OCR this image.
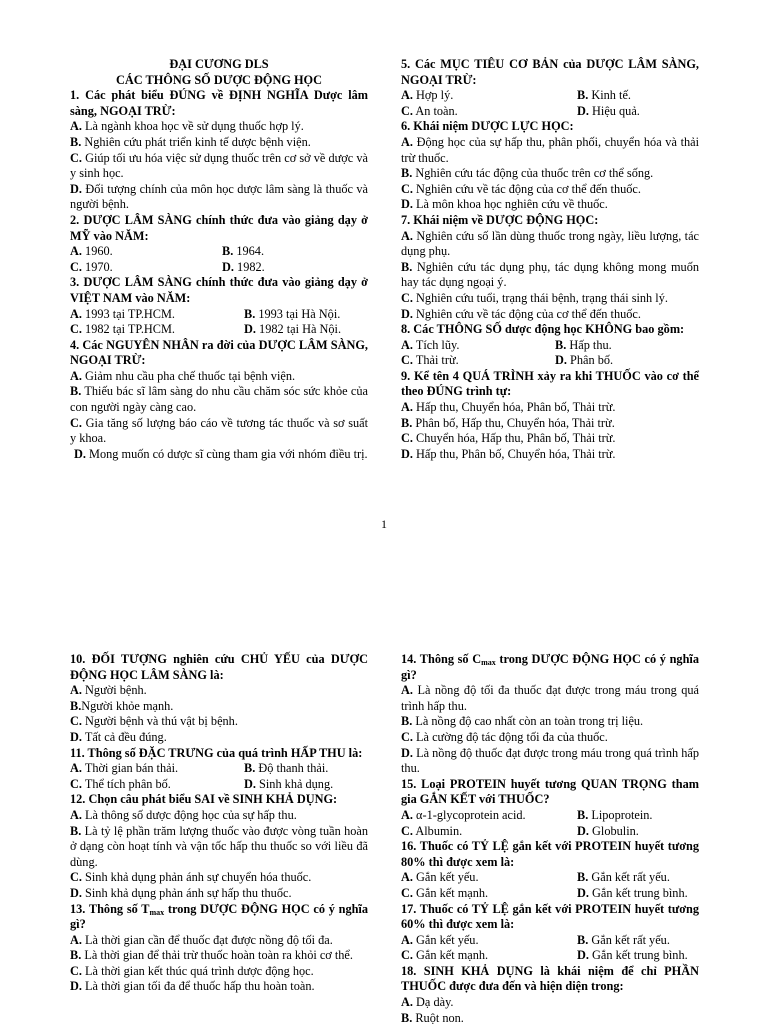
ĐẠI CƯƠNG DLS
CÁC THÔNG SỐ DƯỢC ĐỘNG HỌC
1. Các phát biểu ĐÚNG về ĐỊNH NGHĨA Dược lâm sàng, NGOẠI TRỪ:
A. Là ngành khoa học về sử dụng thuốc hợp lý.
B. Nghiên cứu phát triển kinh tế dược bệnh viện.
C. Giúp tối ưu hóa việc sử dụng thuốc trên cơ sở về dược và y sinh học.
D. Đối tượng chính của môn học dược lâm sàng là thuốc và người bệnh.
2. DƯỢC LÂM SÀNG chính thức đưa vào giảng dạy ở MỸ vào NĂM:
A. 1960.	B. 1964.
C. 1970.	D. 1982.
3. DƯỢC LÂM SÀNG chính thức đưa vào giảng dạy ở VIỆT NAM vào NĂM:
A. 1993 tại TP.HCM.	B. 1993 tại Hà Nội.
C. 1982 tại TP.HCM.	D. 1982 tại Hà Nội.
4. Các NGUYÊN NHÂN ra đời của DƯỢC LÂM SÀNG, NGOẠI TRỪ:
A. Giảm nhu cầu pha chế thuốc tại bệnh viện.
B. Thiếu bác sĩ lâm sàng do nhu cầu chăm sóc sức khỏe của con người ngày càng cao.
C. Gia tăng số lượng báo cáo về tương tác thuốc và sơ suất y khoa.
D. Mong muốn có dược sĩ cùng tham gia với nhóm điều trị.
5. Các MỤC TIÊU CƠ BẢN của DƯỢC LÂM SÀNG, NGOẠI TRỪ:
A. Hợp lý.	B. Kinh tế.
C. An toàn.	D. Hiệu quả.
6. Khái niệm DƯỢC LỰC HỌC:
A. Động học của sự hấp thu, phân phối, chuyển hóa và thải trừ thuốc.
B. Nghiên cứu tác động của thuốc trên cơ thể sống.
C. Nghiên cứu về tác động của cơ thể đến thuốc.
D. Là môn khoa học nghiên cứu về thuốc.
7. Khái niệm về DƯỢC ĐỘNG HỌC:
A. Nghiên cứu số lần dùng thuốc trong ngày, liều lượng, tác dụng phụ.
B. Nghiên cứu tác dụng phụ, tác dụng không mong muốn hay tác dụng ngoại ý.
C. Nghiên cứu tuổi, trạng thái bệnh, trạng thái sinh lý.
D. Nghiên cứu về tác động của cơ thể đến thuốc.
8. Các THÔNG SỐ dược động học KHÔNG bao gồm:
A. Tích lũy.	B. Hấp thu.
C. Thải trừ.	D. Phân bố.
9. Kể tên 4 QUÁ TRÌNH xảy ra khi THUỐC vào cơ thể theo ĐÚNG trình tự:
A. Hấp thu, Chuyển hóa, Phân bố, Thải trừ.
B. Phân bố, Hấp thu, Chuyển hóa, Thải trừ.
C. Chuyển hóa, Hấp thu, Phân bố, Thải trừ.
D. Hấp thu, Phân bố, Chuyển hóa, Thải trừ.
1
10. ĐỐI TƯỢNG nghiên cứu CHỦ YẾU của DƯỢC ĐỘNG HỌC LÂM SÀNG là:
A. Người bệnh.
B.Người khỏe mạnh.
C. Người bệnh và thú vật bị bệnh.
D. Tất cả đều đúng.
11. Thông số ĐẶC TRƯNG của quá trình HẤP THU là:
A. Thời gian bán thải.	B. Độ thanh thải.
C. Thể tích phân bố.	D. Sinh khả dụng.
12. Chọn câu phát biểu SAI về SINH KHẢ DỤNG:
A. Là thông số dược động học của sự hấp thu.
B. Là tỷ lệ phần trăm lượng thuốc vào được vòng tuần hoàn ở dạng còn hoạt tính và vận tốc hấp thu thuốc so với liều đã dùng.
C. Sinh khả dụng phản ánh sự chuyển hóa thuốc.
D. Sinh khả dụng phản ánh sự hấp thu thuốc.
13. Thông số $T_{max}$ trong DƯỢC ĐỘNG HỌC có ý nghĩa gì?
A. Là thời gian cần để thuốc đạt được nồng độ tối đa.
B. Là thời gian để thải trừ thuốc hoàn toàn ra khỏi cơ thể.
C. Là thời gian kết thúc quá trình dược động học.
D. Là thời gian tối đa để thuốc hấp thu hoàn toàn.
14. Thông số $C_{max}$ trong DƯỢC ĐỘNG HỌC có ý nghĩa gì?
A. Là nồng độ tối đa thuốc đạt được trong máu trong quá trình hấp thu.
B. Là nồng độ cao nhất còn an toàn trong trị liệu.
C. Là cường độ tác động tối đa của thuốc.
D. Là nồng độ thuốc đạt được trong máu trong quá trình hấp thu.
15. Loại PROTEIN huyết tương QUAN TRỌNG tham gia GẮN KẾT với THUỐC?
A. α-1-glycoprotein acid.	B. Lipoprotein.
C. Albumin.	D. Globulin.
16. Thuốc có TỶ LỆ gắn kết với PROTEIN huyết tương 80% thì được xem là:
A. Gắn kết yếu.	B. Gắn kết rất yếu.
C. Gắn kết mạnh.	D. Gắn kết trung bình.
17. Thuốc có TỶ LỆ gắn kết với PROTEIN huyết tương 60% thì được xem là:
A. Gắn kết yếu.	B. Gắn kết rất yếu.
C. Gắn kết mạnh.	D. Gắn kết trung bình.
18. SINH KHẢ DỤNG là khái niệm để chỉ PHẦN THUỐC được đưa đến và hiện diện trong:
A. Dạ dày.
B. Ruột non.
